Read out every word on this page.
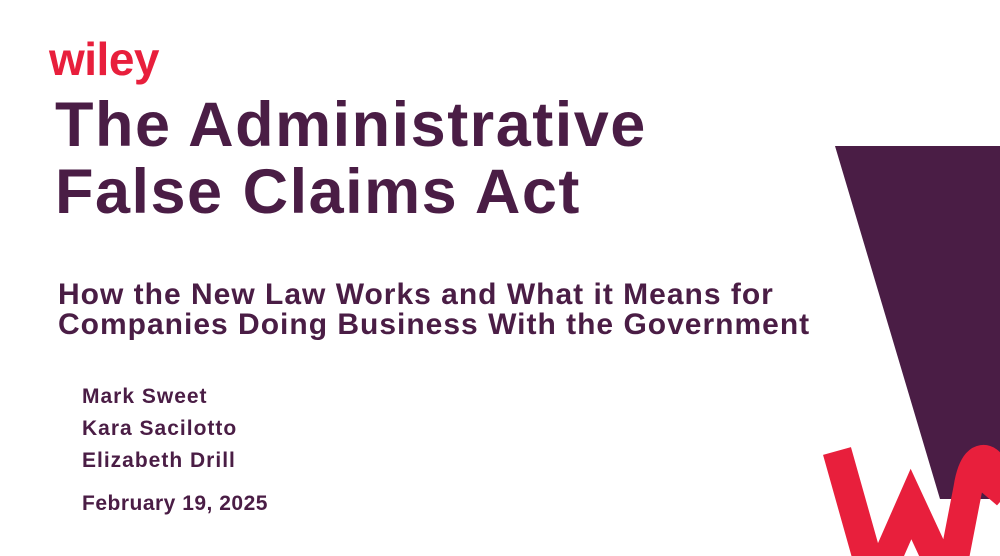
wiley
The Administrative
False Claims Act
How the New Law Works and What it Means for
Companies Doing Business With the Government
Mark Sweet
Kara Sacilotto
Elizabeth Drill
February 19, 2025
